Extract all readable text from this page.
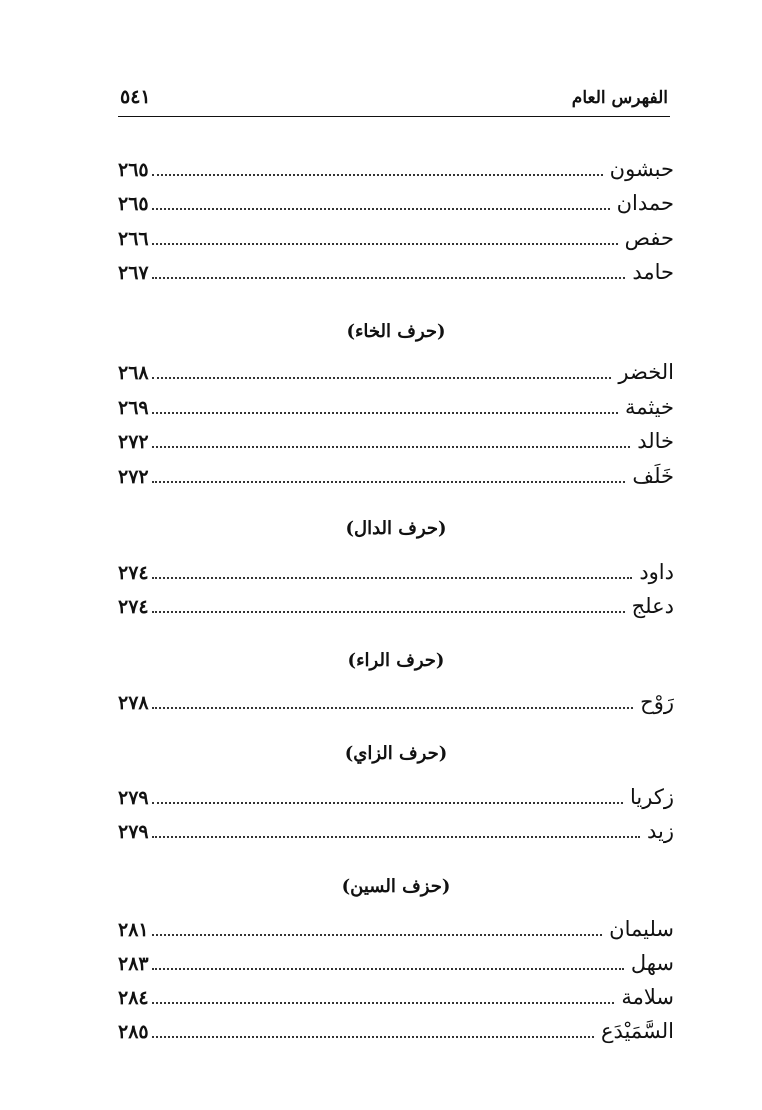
الفهرس العام
٥٤١
حبشون
٢٦٥
حمدان
٢٦٥
حفص
٢٦٦
حامد
٢٦٧
(حرف الخاء)
الخضر
٢٦٨
خيثمة
٢٦٩
خالد
٢٧٢
خَلَف
٢٧٢
(حرف الدال)
داود
٢٧٤
دعلج
٢٧٤
(حرف الراء)
رَوْح
٢٧٨
(حرف الزاي)
زكريا
٢٧٩
زيد
٢٧٩
(حزف السين)
سليمان
٢٨١
سهل
٢٨٣
سلامة
٢٨٤
السَّمَيْدَع
٢٨٥
